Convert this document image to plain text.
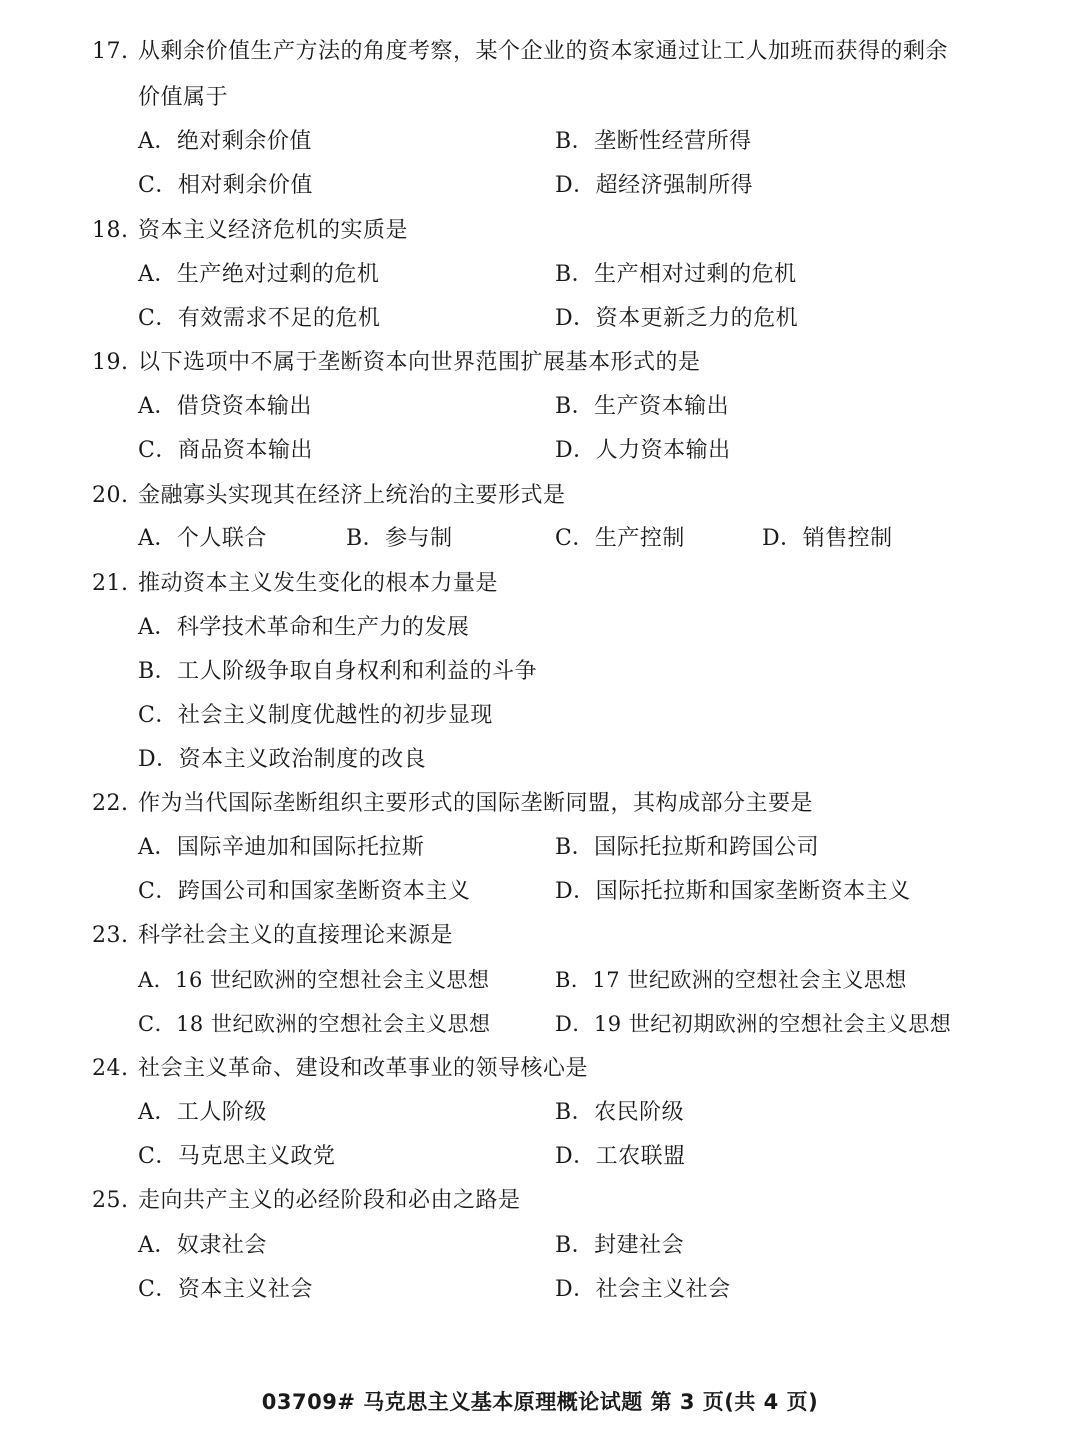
17. 从剩余价值生产方法的角度考察，某个企业的资本家通过让工人加班而获得的剩余
价值属于
A．绝对剩余价值	B．垄断性经营所得
C．相对剩余价值	D．超经济强制所得
18. 资本主义经济危机的实质是
A．生产绝对过剩的危机	B．生产相对过剩的危机
C．有效需求不足的危机	D．资本更新乏力的危机
19. 以下选项中不属于垄断资本向世界范围扩展基本形式的是
A．借贷资本输出	B．生产资本输出
C．商品资本输出	D．人力资本输出
20. 金融寡头实现其在经济上统治的主要形式是
A．个人联合	B．参与制	C．生产控制	D．销售控制
21. 推动资本主义发生变化的根本力量是
A．科学技术革命和生产力的发展
B．工人阶级争取自身权利和利益的斗争
C．社会主义制度优越性的初步显现
D．资本主义政治制度的改良
22. 作为当代国际垄断组织主要形式的国际垄断同盟，其构成部分主要是
A．国际辛迪加和国际托拉斯	B．国际托拉斯和跨国公司
C．跨国公司和国家垄断资本主义	D．国际托拉斯和国家垄断资本主义
23. 科学社会主义的直接理论来源是
A．16 世纪欧洲的空想社会主义思想	B．17 世纪欧洲的空想社会主义思想
C．18 世纪欧洲的空想社会主义思想	D．19 世纪初期欧洲的空想社会主义思想
24. 社会主义革命、建设和改革事业的领导核心是
A．工人阶级	B．农民阶级
C．马克思主义政党	D．工农联盟
25. 走向共产主义的必经阶段和必由之路是
A．奴隶社会	B．封建社会
C．资本主义社会	D．社会主义社会
03709# 马克思主义基本原理概论试题 第 3 页(共 4 页)
